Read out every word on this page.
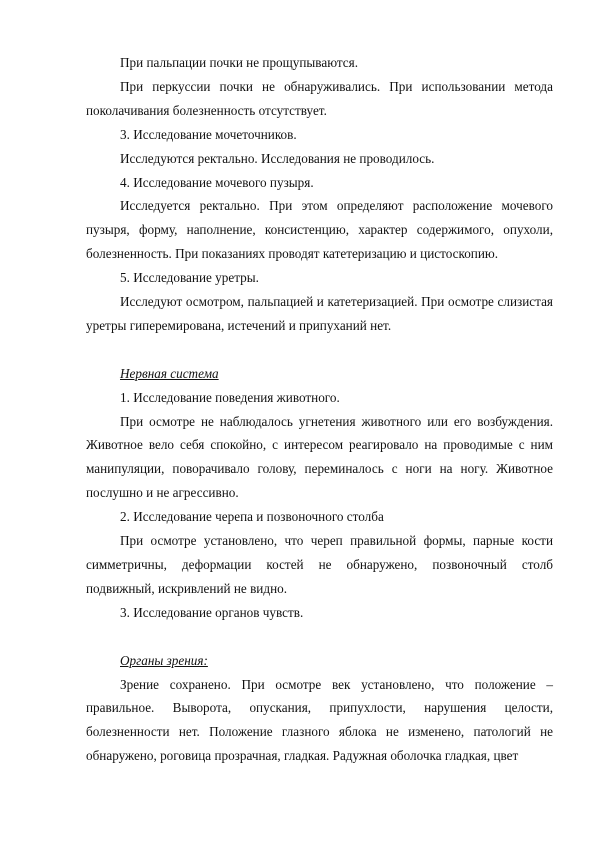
При пальпации почки не прощупываются.

При перкуссии почки не обнаруживались. При использовании метода поколачивания болезненность отсутствует.

3. Исследование мочеточников.

Исследуются ректально. Исследования не проводилось.

4. Исследование мочевого пузыря.

Исследуется ректально. При этом определяют расположение мочевого пузыря, форму, наполнение, консистенцию, характер содержимого, опухоли, болезненность. При показаниях проводят катетеризацию и цистоскопию.

5. Исследование уретры.

Исследуют осмотром, пальпацией и катетеризацией. При осмотре слизистая уретры гиперемирована, истечений и припуханий нет.

Нервная система

1. Исследование поведения животного.

При осмотре не наблюдалось угнетения животного или его возбуждения. Животное вело себя спокойно, с интересом реагировало на проводимые с ним манипуляции, поворачивало голову, переминалось с ноги на ногу. Животное послушно и не агрессивно.

2. Исследование черепа и позвоночного столба

При осмотре установлено, что череп правильной формы, парные кости симметричны, деформации костей не обнаружено, позвоночный столб подвижный, искривлений не видно.

3. Исследование органов чувств.

Органы зрения:

Зрение сохранено. При осмотре век установлено, что положение – правильное. Выворота, опускания, припухлости, нарушения целости, болезненности нет. Положение глазного яблока не изменено, патологий не обнаружено, роговица прозрачная, гладкая. Радужная оболочка гладкая, цвет
